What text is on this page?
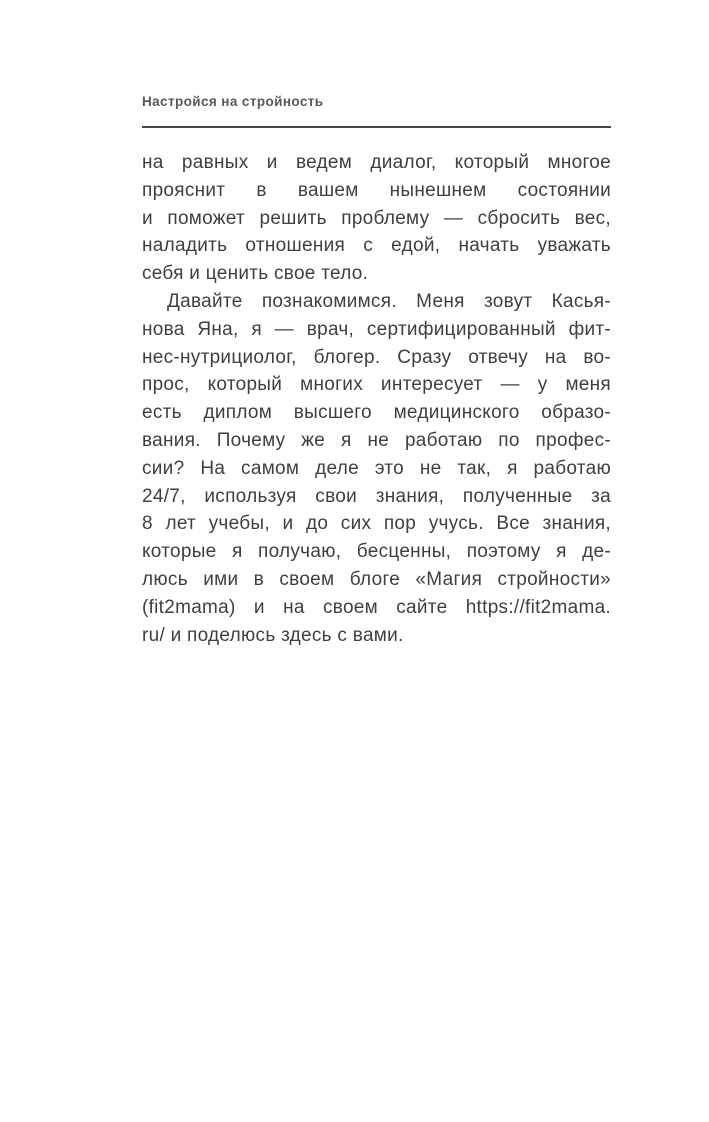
Настройся на стройность
на равных и ведем диалог, который многое
прояснит в вашем нынешнем состоянии
и поможет решить проблему — сбросить вес,
наладить отношения с едой, начать уважать
себя и ценить свое тело.
Давайте познакомимся. Меня зовут Касья-
нова Яна, я — врач, сертифицированный фит-
нес-нутрициолог, блогер. Сразу отвечу на во-
прос, который многих интересует — у меня
есть диплом высшего медицинского образо-
вания. Почему же я не работаю по профес-
сии? На самом деле это не так, я работаю
24/7, используя свои знания, полученные за
8 лет учебы, и до сих пор учусь. Все знания,
которые я получаю, бесценны, поэтому я де-
люсь ими в своем блоге «Магия стройности»
(fit2mama) и на своем сайте https://fit2mama.
ru/ и поделюсь здесь с вами.
